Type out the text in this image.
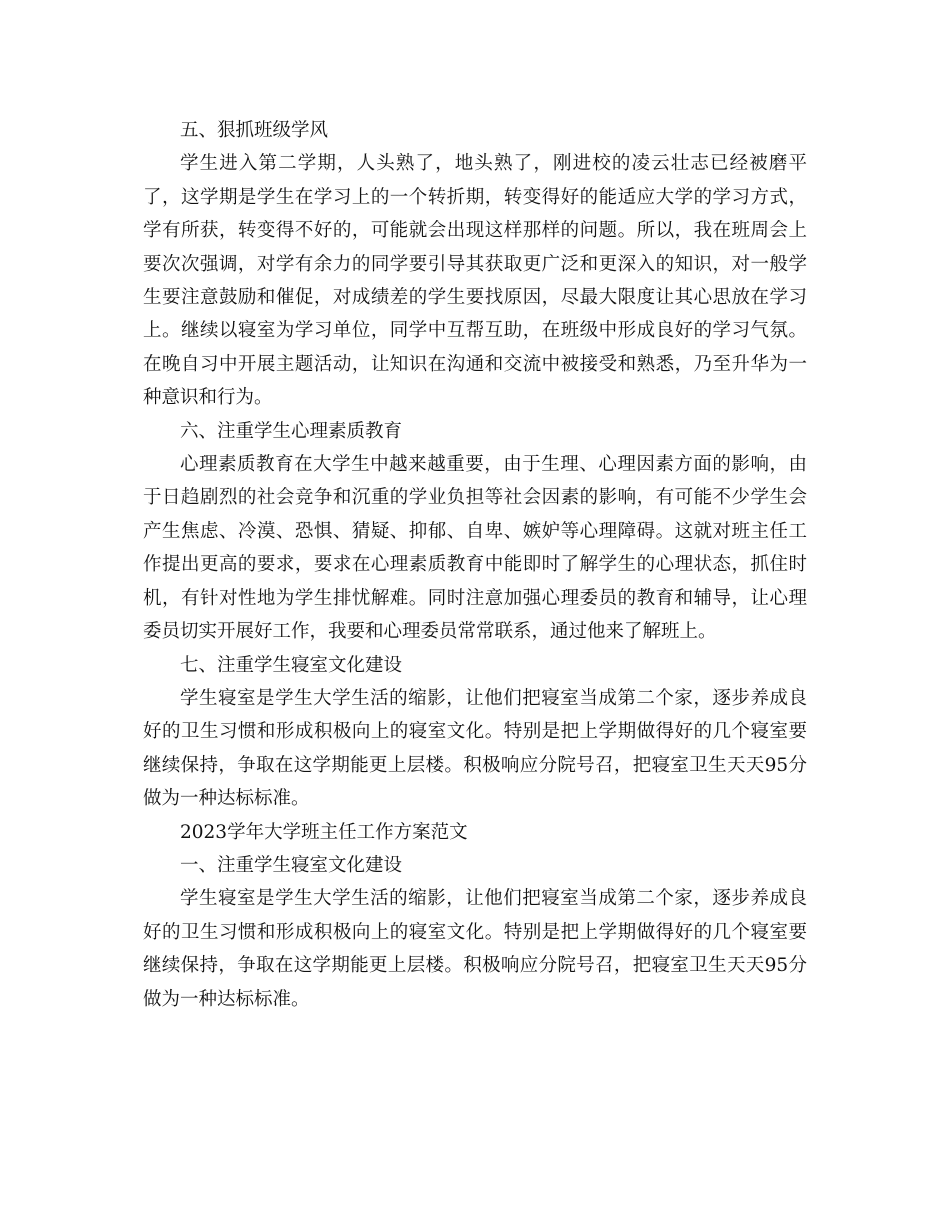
五、狠抓班级学风

学生进入第二学期，人头熟了，地头熟了，刚进校的凌云壮志已经被磨平了，这学期是学生在学习上的一个转折期，转变得好的能适应大学的学习方式，学有所获，转变得不好的，可能就会出现这样那样的问题。所以，我在班周会上要次次强调，对学有余力的同学要引导其获取更广泛和更深入的知识，对一般学生要注意鼓励和催促，对成绩差的学生要找原因，尽最大限度让其心思放在学习上。继续以寝室为学习单位，同学中互帮互助，在班级中形成良好的学习气氛。在晚自习中开展主题活动，让知识在沟通和交流中被接受和熟悉，乃至升华为一种意识和行为。

六、注重学生心理素质教育

心理素质教育在大学生中越来越重要，由于生理、心理因素方面的影响，由于日趋剧烈的社会竞争和沉重的学业负担等社会因素的影响，有可能不少学生会产生焦虑、冷漠、恐惧、猜疑、抑郁、自卑、嫉妒等心理障碍。这就对班主任工作提出更高的要求，要求在心理素质教育中能即时了解学生的心理状态，抓住时机，有针对性地为学生排忧解难。同时注意加强心理委员的教育和辅导，让心理委员切实开展好工作，我要和心理委员常常联系，通过他来了解班上。

七、注重学生寝室文化建设

学生寝室是学生大学生活的缩影，让他们把寝室当成第二个家，逐步养成良好的卫生习惯和形成积极向上的寝室文化。特别是把上学期做得好的几个寝室要继续保持，争取在这学期能更上层楼。积极响应分院号召，把寝室卫生天天95分做为一种达标标准。

2023学年大学班主任工作方案范文

一、注重学生寝室文化建设

学生寝室是学生大学生活的缩影，让他们把寝室当成第二个家，逐步养成良好的卫生习惯和形成积极向上的寝室文化。特别是把上学期做得好的几个寝室要继续保持，争取在这学期能更上层楼。积极响应分院号召，把寝室卫生天天95分做为一种达标标准。
